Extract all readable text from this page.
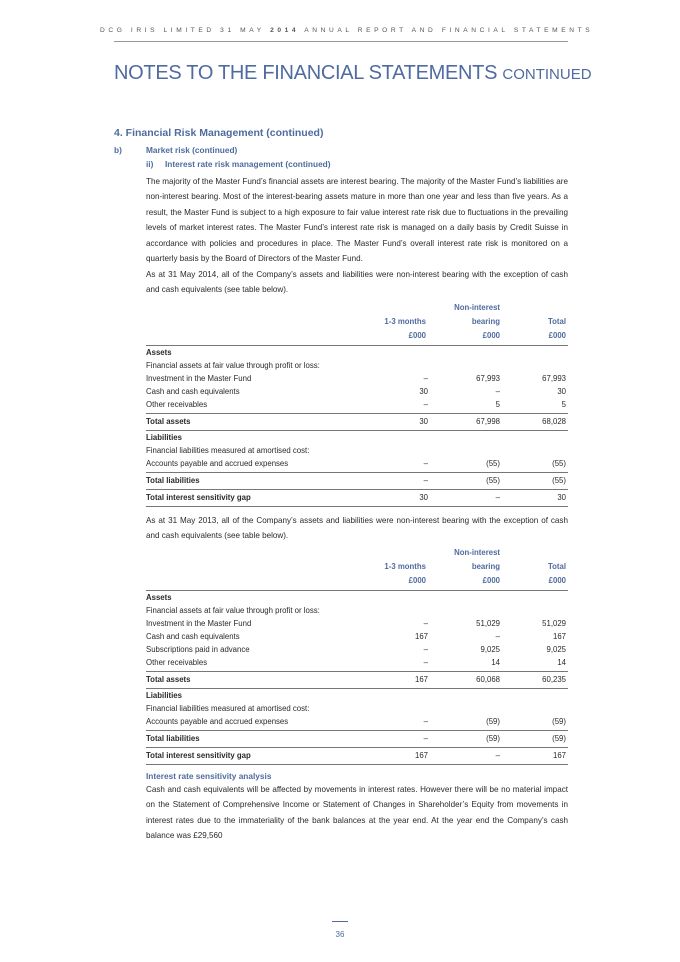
DCG IRIS LIMITED 31 MAY 2014 ANNUAL REPORT AND FINANCIAL STATEMENTS
NOTES TO THE FINANCIAL STATEMENTS CONTINUED
4. Financial Risk Management (continued)
b)	Market risk (continued)
ii) Interest rate risk management (continued)
The majority of the Master Fund’s financial assets are interest bearing. The majority of the Master Fund’s liabilities are non-interest bearing. Most of the interest-bearing assets mature in more than one year and less than five years. As a result, the Master Fund is subject to a high exposure to fair value interest rate risk due to fluctuations in the prevailing levels of market interest rates. The Master Fund’s interest rate risk is managed on a daily basis by Credit Suisse in accordance with policies and procedures in place. The Master Fund’s overall interest rate risk is monitored on a quarterly basis by the Board of Directors of the Master Fund.
As at 31 May 2014, all of the Company’s assets and liabilities were non-interest bearing with the exception of cash and cash equivalents (see table below).
1-3 months
£000
Non-interest
bearing
£000
Total
£000
Assets
Financial assets at fair value through profit or loss:
Investment in the Master Fund	–	67,993	67,993
Cash and cash equivalents	30	–	30
Other receivables	–	5	5
Total assets	30	67,998	68,028
Liabilities
Financial liabilities measured at amortised cost:
Accounts payable and accrued expenses	–	(55)	(55)
Total liabilities	–	(55)	(55)
Total interest sensitivity gap	30	–	30
As at 31 May 2013, all of the Company’s assets and liabilities were non-interest bearing with the exception of cash and cash equivalents (see table below).
1-3 months
£000
Non-interest
bearing
£000
Total
£000
Assets
Financial assets at fair value through profit or loss:
Investment in the Master Fund	–	51,029	51,029
Cash and cash equivalents	167	–	167
Subscriptions paid in advance	–	9,025	9,025
Other receivables	–	14	14
Total assets	167	60,068	60,235
Liabilities
Financial liabilities measured at amortised cost:
Accounts payable and accrued expenses	–	(59)	(59)
Total liabilities	–	(59)	(59)
Total interest sensitivity gap	167	–	167
Interest rate sensitivity analysis
Cash and cash equivalents will be affected by movements in interest rates. However there will be no material impact on the Statement of Comprehensive Income or Statement of Changes in Shareholder’s Equity from movements in interest rates due to the immateriality of the bank balances at the year end. At the year end the Company’s cash balance was £29,560
36
